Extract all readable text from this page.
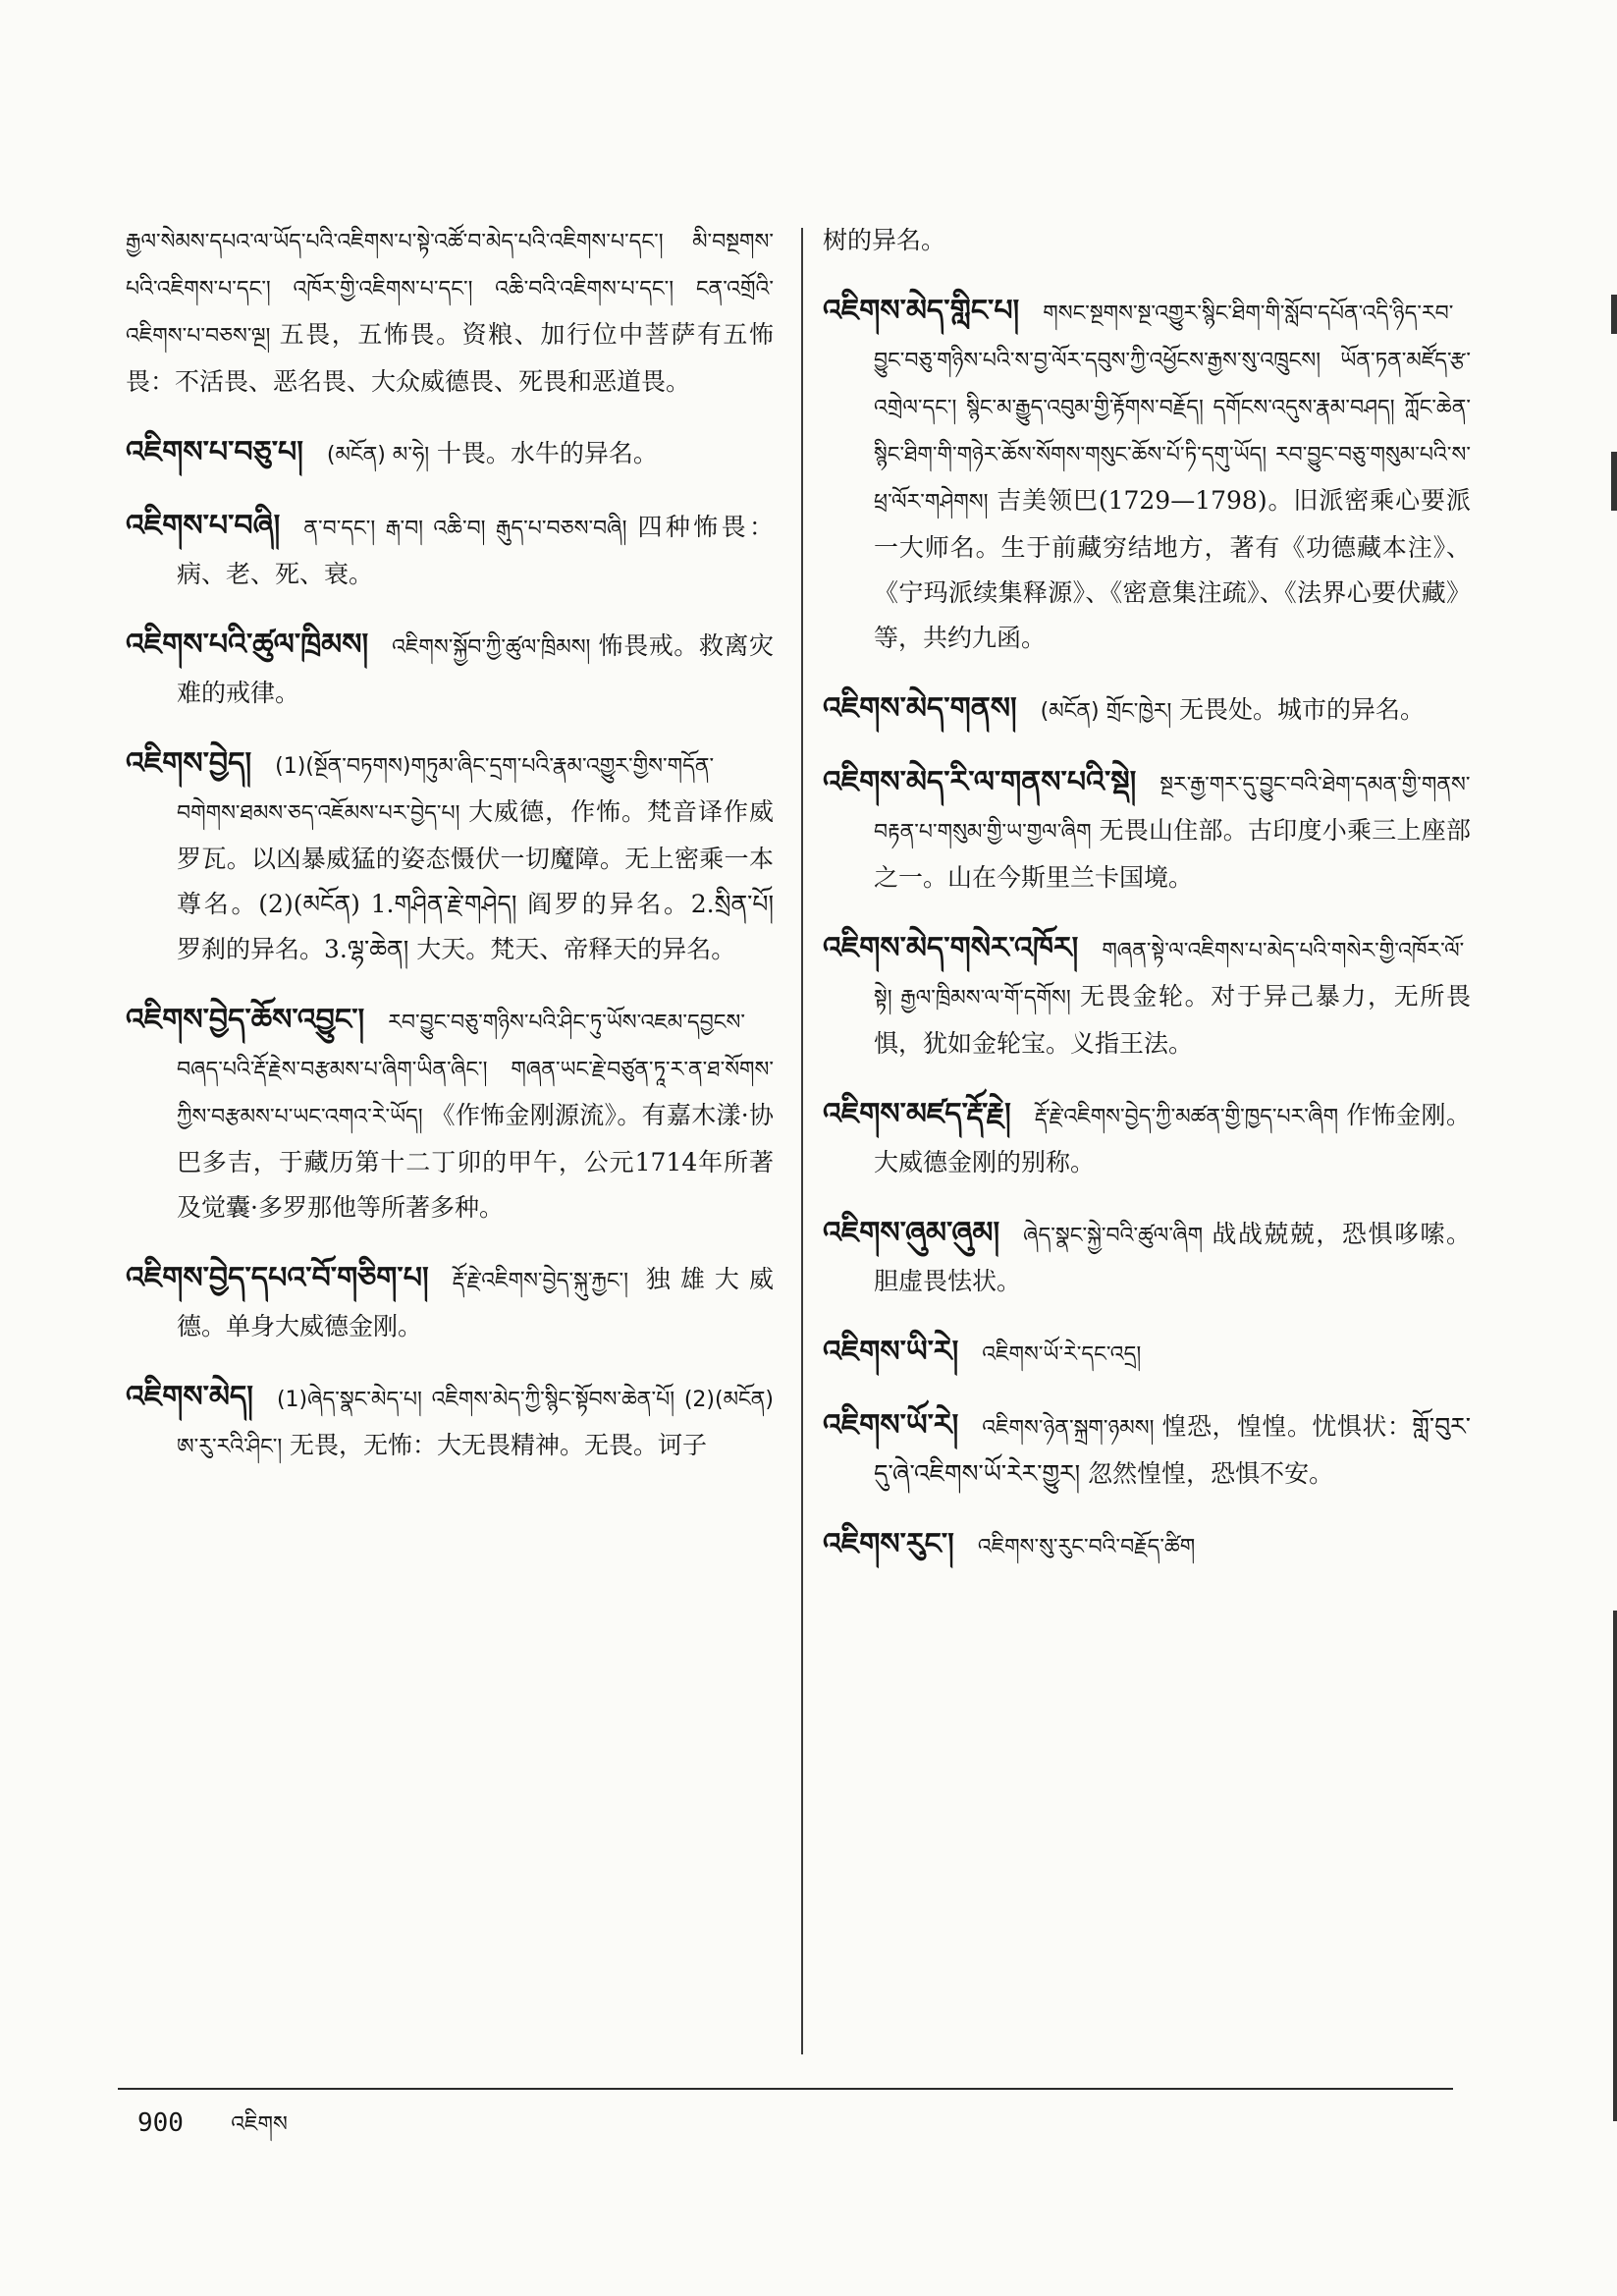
རྒྱལ་སེམས་དཔའ་ལ་ཡོད་པའི་འཇིགས་པ་སྟེ་འཚོ་བ་མེད་པའི་འཇིགས་པ་དང་། མི་བསྔགས་པའི་འཇིགས་པ་དང་། འཁོར་གྱི་འཇིགས་པ་དང་། འཆི་བའི་འཇིགས་པ་དང་། ངན་འགྲོའི་འཇིགས་པ་བཅས་ལྔ། 五畏，五怖畏。资粮、加行位中菩萨有五怖畏：不活畏、恶名畏、大众威德畏、死畏和恶道畏。

འཇིགས་པ་བཅུ་པ།  (མངོན) མ་ཧེ། 十畏。水牛的异名。

འཇིགས་པ་བཞི།  ན་བ་དང་། རྒ་བ། འཆི་བ། རྒུད་པ་བཅས་བཞི། 四种怖畏：病、老、死、衰。

འཇིགས་པའི་ཚུལ་ཁྲིམས།  འཇིགས་སྐྱོབ་ཀྱི་ཚུལ་ཁྲིམས། 怖畏戒。救离灾难的戒律。

འཇིགས་བྱེད།  (1)(སྔོན་བཏགས)གཏུམ་ཞིང་དྲག་པའི་རྣམ་འགྱུར་གྱིས་གདོན་བགེགས་ཐམས་ཅད་འཇོམས་པར་བྱེད་པ། 大威德，作怖。梵音译作威罗瓦。以凶暴威猛的姿态慑伏一切魔障。无上密乘一本尊名。(2)(མངོན) 1.གཤིན་རྗེ་གཤེད། 阎罗的异名。2.སྲིན་པོ། 罗刹的异名。3.ལྷ་ཆེན། 大天。梵天、帝释天的异名。

འཇིགས་བྱེད་ཆོས་འབྱུང་།  རབ་བྱུང་བཅུ་གཉིས་པའི་ཤིང་ཏུ་ཡོས་འཇམ་དབྱངས་བཞད་པའི་རྡོ་རྗེས་བརྩམས་པ་ཞིག་ཡིན་ཞིང་། གཞན་ཡང་རྗེ་བཙུན་ཏཱ་ར་ན་ཐ་སོགས་ཀྱིས་བརྩམས་པ་ཡང་འགའ་རེ་ཡོད། 《作怖金刚源流》。有嘉木漾·协巴多吉，于藏历第十二丁卯的甲午，公元1714年所著及觉囊·多罗那他等所著多种。

འཇིགས་བྱེད་དཔའ་བོ་གཅིག་པ།  རྡོ་རྗེ་འཇིགས་བྱེད་སྐུ་རྐྱང་། 独雄大威德。单身大威德金刚。

འཇིགས་མེད།  (1)ཞེད་སྣང་མེད་པ། འཇིགས་མེད་ཀྱི་སྙིང་སྟོབས་ཆེན་པོ། (2)(མངོན) ཨ་རུ་རའི་ཤིང་། 无畏，无怖：大无畏精神。无畏。诃子

树的异名。

འཇིགས་མེད་གླིང་པ།  གསང་སྔགས་སྔ་འགྱུར་སྙིང་ཐིག་གི་སློབ་དཔོན་འདི་ཉིད་རབ་བྱུང་བཅུ་གཉིས་པའི་ས་བྱ་ལོར་དབུས་ཀྱི་འཕྱོངས་རྒྱས་སུ་འཁྲུངས། ཡོན་ཏན་མཛོད་རྩ་འགྲེལ་དང་། སྙིང་མ་རྒྱུད་འབུམ་གྱི་རྟོགས་བརྗོད། དགོངས་འདུས་རྣམ་བཤད། ཀློང་ཆེན་སྙིང་ཐིག་གི་གཉེར་ཆོས་སོགས་གསུང་ཆོས་པོ་ཏི་དགུ་ཡོད། རབ་བྱུང་བཅུ་གསུམ་པའི་ས་ཕྲ་ལོར་གཤེགས། 吉美领巴(1729—1798)。旧派密乘心要派一大师名。生于前藏穷结地方，著有《功德藏本注》、《宁玛派续集释源》、《密意集注疏》、《法界心要伏藏》等，共约九函。

འཇིགས་མེད་གནས།  (མངོན) གྲོང་ཁྱེར། 无畏处。城市的异名。

འཇིགས་མེད་རི་ལ་གནས་པའི་སྡེ།  སྔར་རྒྱ་གར་དུ་བྱུང་བའི་ཐེག་དམན་གྱི་གནས་བརྟན་པ་གསུམ་གྱི་ཡ་གྱལ་ཞིག 无畏山住部。古印度小乘三上座部之一。山在今斯里兰卡国境。

འཇིགས་མེད་གསེར་འཁོར།  གཞན་སྟེ་ལ་འཇིགས་པ་མེད་པའི་གསེར་གྱི་འཁོར་ལོ་སྟེ། རྒྱལ་ཁྲིམས་ལ་གོ་དགོས། 无畏金轮。对于异己暴力，无所畏惧，犹如金轮宝。义指王法。

འཇིགས་མཛད་རྡོ་རྗེ།  རྡོ་རྗེ་འཇིགས་བྱེད་ཀྱི་མཚན་གྱི་ཁྱད་པར་ཞིག 作怖金刚。大威德金刚的别称。

འཇིགས་ཞུམ་ཞུམ།  ཞེད་སྣང་སྐྱེ་བའི་ཚུལ་ཞིག 战战兢兢，恐惧哆嗦。胆虚畏怯状。

འཇིགས་ཡི་རེ།  འཇིགས་ཡོ་རེ་དང་འདྲ།

འཇིགས་ཡོ་རེ།  འཇིགས་ཉེན་སྐྲག་ཉམས། 惶恐，惶惶。忧惧状：གློ་བུར་དུ་ཞེ་འཇིགས་ཡོ་རེར་གྱུར། 忽然惶惶，恐惧不安。

འཇིགས་རུང་།  འཇིགས་སུ་རུང་བའི་བརྗོད་ཚིག

900 འཇིགས
